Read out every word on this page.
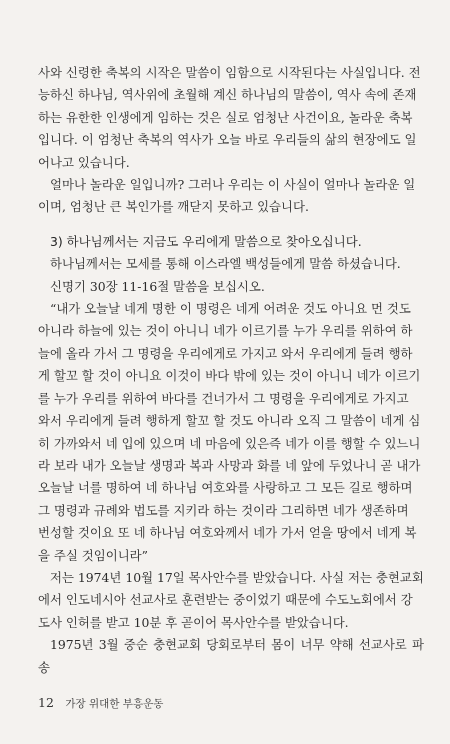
사와 신령한 축복의 시작은 말씀이 임함으로 시작된다는 사실입니다. 전
능하신 하나님, 역사위에 초월해 계신 하나님의 말씀이, 역사 속에 존재
하는 유한한 인생에게 임하는 것은 실로 엄청난 사건이요, 놀라운 축복
입니다. 이 엄청난 축복의 역사가 오늘 바로 우리들의 삶의 현장에도 일
어나고 있습니다.

얼마나 놀라운 일입니까? 그러나 우리는 이 사실이 얼마나 놀라운 일
이며, 엄청난 큰 복인가를 깨닫지 못하고 있습니다.

3) 하나님께서는 지금도 우리에게 말씀으로 찾아오십니다.

하나님께서는 모세를 통해 이스라엘 백성들에게 말씀 하셨습니다.

신명기 30장 11-16절 말씀을 보십시오.

“내가 오늘날 네게 명한 이 명령은 네게 어려운 것도 아니요 먼 것도
아니라 하늘에 있는 것이 아니니 네가 이르기를 누가 우리를 위하여 하
늘에 올라 가서 그 명령을 우리에게로 가지고 와서 우리에게 들려 행하
게 할꼬 할 것이 아니요 이것이 바다 밖에 있는 것이 아니니 네가 이르기
를 누가 우리를 위하여 바다를 건너가서 그 명령을 우리에게로 가지고
와서 우리에게 들려 행하게 할꼬 할 것도 아니라 오직 그 말씀이 네게 심
히 가까와서 네 입에 있으며 네 마음에 있은즉 네가 이를 행할 수 있느니
라 보라 내가 오늘날 생명과 복과 사망과 화를 네 앞에 두었나니 곧 내가
오늘날 너를 명하여 네 하나님 여호와를 사랑하고 그 모든 길로 행하며
그 명령과 규례와 법도를 지키라 하는 것이라 그리하면 네가 생존하며
번성할 것이요 또 네 하나님 여호와께서 네가 가서 얻을 땅에서 네게 복
을 주실 것임이니라”

저는 1974년 10월 17일 목사안수를 받았습니다. 사실 저는 충현교회
에서 인도네시아 선교사로 훈련받는 중이었기 때문에 수도노회에서 강
도사 인허를 받고 10분 후 곧이어 목사안수를 받았습니다.

1975년 3월 중순 충현교회 당회로부터 몸이 너무 약해 선교사로 파송

12 가장 위대한 부흥운동
